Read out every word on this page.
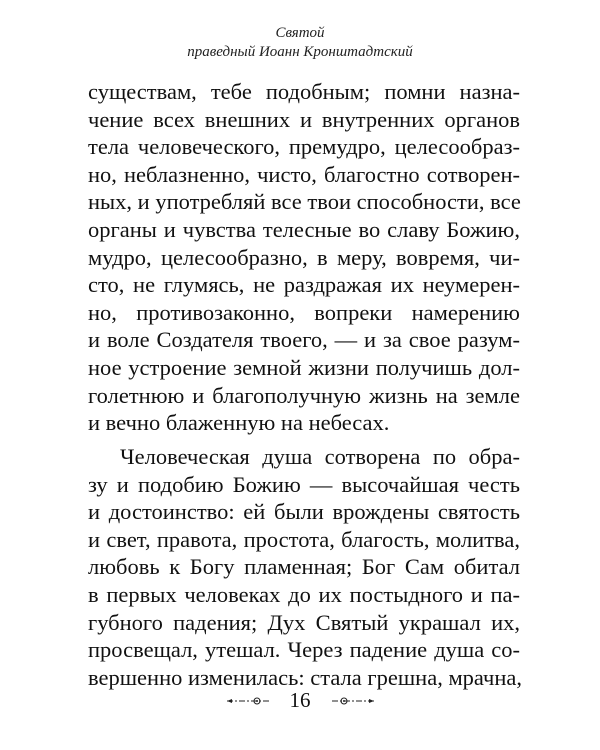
Святой
праведный Иоанн Кронштадтский
существам, тебе подобным; помни назна-
чение всех внешних и внутренних органов
тела человеческого, премудро, целесообраз-
но, неблазненно, чисто, благостно сотворен-
ных, и употребляй все твои способности, все
органы и чувства телесные во славу Божию,
мудро, целесообразно, в меру, вовремя, чи-
сто, не глумясь, не раздражая их неумерен-
но, противозаконно, вопреки намерению
и воле Создателя твоего, — и за свое разум-
ное устроение земной жизни получишь дол-
голетнюю и благополучную жизнь на земле
и вечно блаженную на небесах.
Человеческая душа сотворена по обра-
зу и подобию Божию — высочайшая честь
и достоинство: ей были врождены святость
и свет, правота, простота, благость, молитва,
любовь к Богу пламенная; Бог Сам обитал
в первых человеках до их постыдного и па-
губного падения; Дух Святый украшал их,
просвещал, утешал. Через падение душа со-
вершенно изменилась: стала грешна, мрачна,
16
